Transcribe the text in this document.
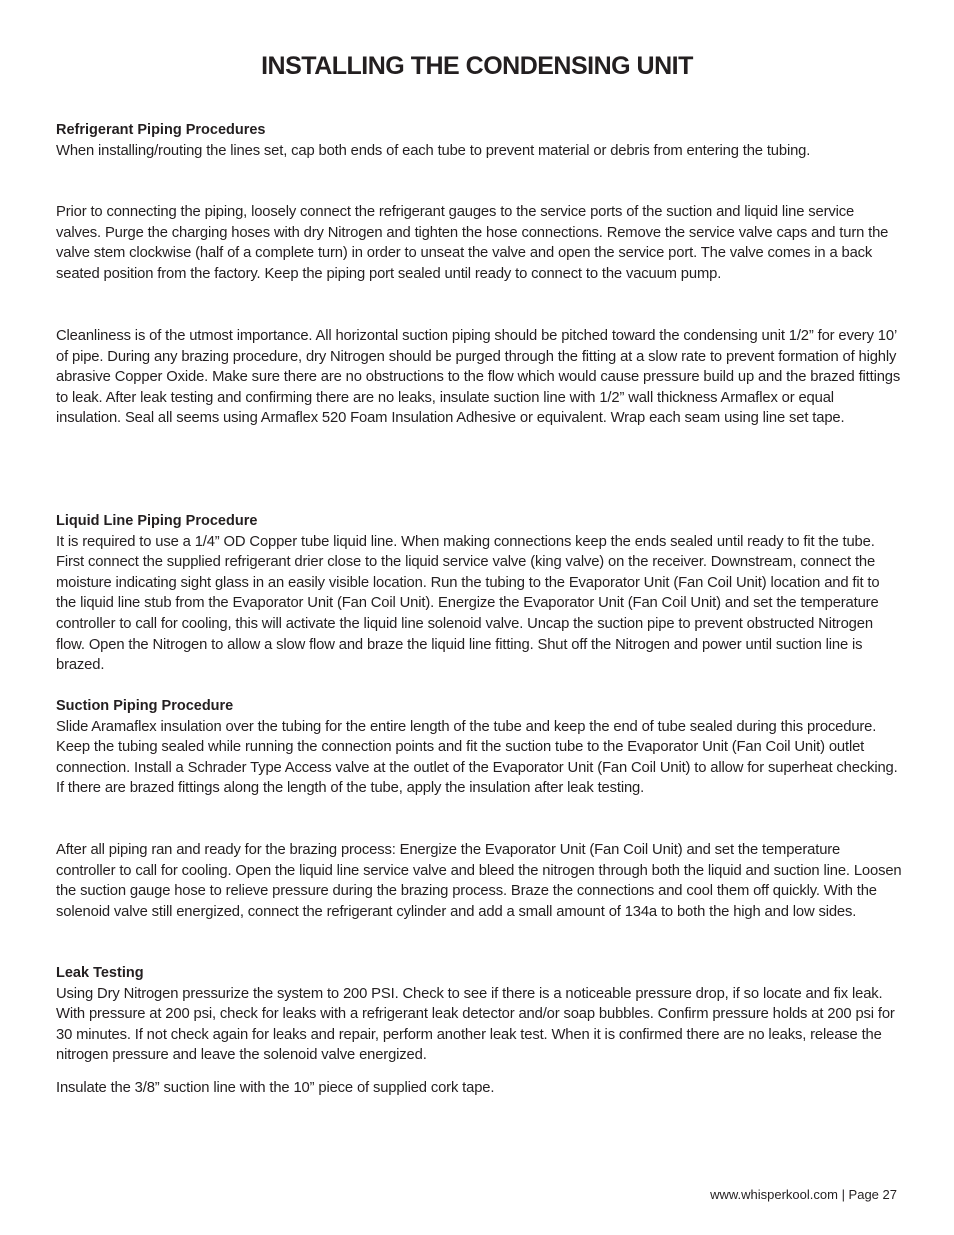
INSTALLING THE CONDENSING UNIT

Refrigerant Piping Procedures

When installing/routing the lines set, cap both ends of each tube to prevent material or debris from entering the tubing.

Prior to connecting the piping, loosely connect the refrigerant gauges to the service ports of the suction and liquid line service valves. Purge the charging hoses with dry Nitrogen and tighten the hose connections. Remove the service valve caps and turn the valve stem clockwise (half of a complete turn) in order to unseat the valve and open the service port. The valve comes in a back seated position from the factory. Keep the piping port sealed until ready to connect to the vacuum pump.

Cleanliness is of the utmost importance. All horizontal suction piping should be pitched toward the condensing unit 1/2” for every 10’ of pipe. During any brazing procedure, dry Nitrogen should be purged through the fitting at a slow rate to prevent formation of highly abrasive Copper Oxide. Make sure there are no obstructions to the flow which would cause pressure build up and the brazed fittings to leak. After leak testing and confirming there are no leaks, insulate suction line with 1/2” wall thickness Armaflex or equal insulation. Seal all seems using Armaflex 520 Foam Insulation Adhesive or equivalent. Wrap each seam using line set tape.

Liquid Line Piping Procedure

It is required to use a 1/4” OD Copper tube liquid line. When making connections keep the ends sealed until ready to fit the tube. First connect the supplied refrigerant drier close to the liquid service valve (king valve) on the receiver. Downstream, connect the moisture indicating sight glass in an easily visible location. Run the tubing to the Evaporator Unit (Fan Coil Unit) location and fit to the liquid line stub from the Evaporator Unit (Fan Coil Unit). Energize the Evaporator Unit (Fan Coil Unit) and set the temperature controller to call for cooling, this will activate the liquid line solenoid valve. Uncap the suction pipe to prevent obstructed Nitrogen flow. Open the Nitrogen to allow a slow flow and braze the liquid line fitting. Shut off the Nitrogen and power until suction line is brazed.

Suction Piping Procedure

Slide Aramaflex insulation over the tubing for the entire length of the tube and keep the end of tube sealed during this procedure. Keep the tubing sealed while running the connection points and fit the suction tube to the Evaporator Unit (Fan Coil Unit) outlet connection. Install a Schrader Type Access valve at the outlet of the Evaporator Unit (Fan Coil Unit) to allow for superheat checking. If there are brazed fittings along the length of the tube, apply the insulation after leak testing.

After all piping ran and ready for the brazing process: Energize the Evaporator Unit (Fan Coil Unit) and set the temperature controller to call for cooling. Open the liquid line service valve and bleed the nitrogen through both the liquid and suction line. Loosen the suction gauge hose to relieve pressure during the brazing process. Braze the connections and cool them off quickly. With the solenoid valve still energized, connect the refrigerant cylinder and add a small amount of 134a to both the high and low sides.

Leak Testing

Using Dry Nitrogen pressurize the system to 200 PSI. Check to see if there is a noticeable pressure drop, if so locate and fix leak. With pressure at 200 psi, check for leaks with a refrigerant leak detector and/or soap bubbles. Confirm pressure holds at 200 psi for 30 minutes. If not check again for leaks and repair, perform another leak test. When it is confirmed there are no leaks, release the nitrogen pressure and leave the solenoid valve energized.

Insulate the 3/8” suction line with the 10” piece of supplied cork tape.

www.whisperkool.com | Page 27
